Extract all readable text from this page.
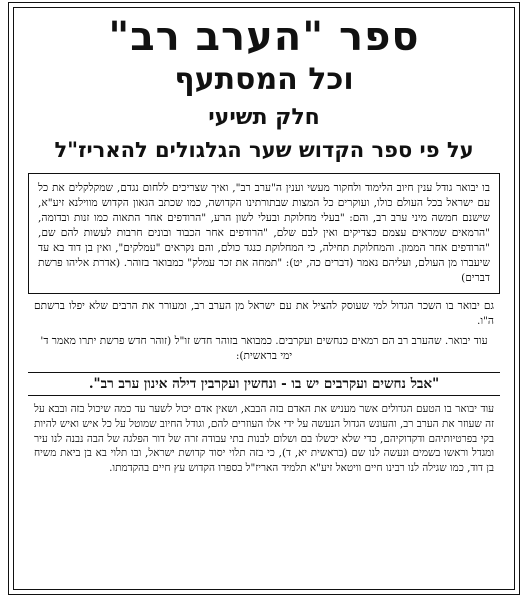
ספר "הערב רב"

וכל המסתעף

חלק תשיעי

על פי ספר הקדוש שער הגלגולים להאריז"ל

בו יבואר גודל ענין חיוב הלימוד ולחקור מעשי וענין ה"ערב רב", ואיך שצריכים ללחום נגדם, שמקלקלים את כל עם ישראל בכל העולם כולו, ועוקרים כל המצות שבתורתינו הקדושה, כמו שכתב הגאון הקדוש מווילנא זיע"א, שישנם חמשה מיני ערב רב, והם: "בעלי מחלוקת ובעלי לשון הרע, "הרודפים אחר התאוה כמו זנות ובדומה, "הרמאים שמראים עצמם כצדיקים ואין לבם שלם, "הרודפים אחר הכבוד ובונים חרבות לעשות להם שם, "הרודפים אחר הממון. והמחלוקת תחילה, כי המחלוקת כנגד כולם, והם נקראים "עמלקים", ואין בן דוד בא עד שיעברו מן העולם, ועליהם נאמר (דברים כה, יט): "תמחה את זכר עמלק" כמבואר בזוהר. (אדרת אליהו פרשת דברים)

גם יבואר בו השכר הגדול למי שעוסק להציל את עם ישראל מן הערב רב, ומעורר את הרבים שלא יפלו ברשתם ה"ו.

עוד יבואר. שהערב רב הם רמאים כנחשים ועקרבים. כמבואר בזוהר חדש זו"ל (זוהר חדש פרשת יתרו מאמר ד' ימי בראשית):

"אבל נחשים ועקרבים יש בו - ונחשין ועקרבין דילה אינון ערב רב".

עוד יבואר בו הטעם הגדולים אשר מעניש את האדם בזה הבבא, ושאין אדם יכול לשער עד כמה שיכול בזה ובבא על זה שעוזר את הערב רב, והעונש הגדול הנעשה על ידי אלו העוזרים להם, וגודל החיוב שמוטל על כל איש ואיש להיות בקי בפרטיותיהם ודקדוקיהם, כדי שלא יכשלו בם ושלום לבנות בתי עבודה זרה של דור הפלגה של הבה נבנה לנו עיר ומגדל וראשו בשמים ונעשה לנו שם (בראשית יא, ד), כי בזה תלוי יסוד קדושת ישראל, ובו תלוי בא בן ביאת משיח בן דוד, כמו שגילה לנו רבינו חיים וויטאל זיע"א תלמיד האריז"ל בספרו הקדוש עץ חיים בהקדמתו.
